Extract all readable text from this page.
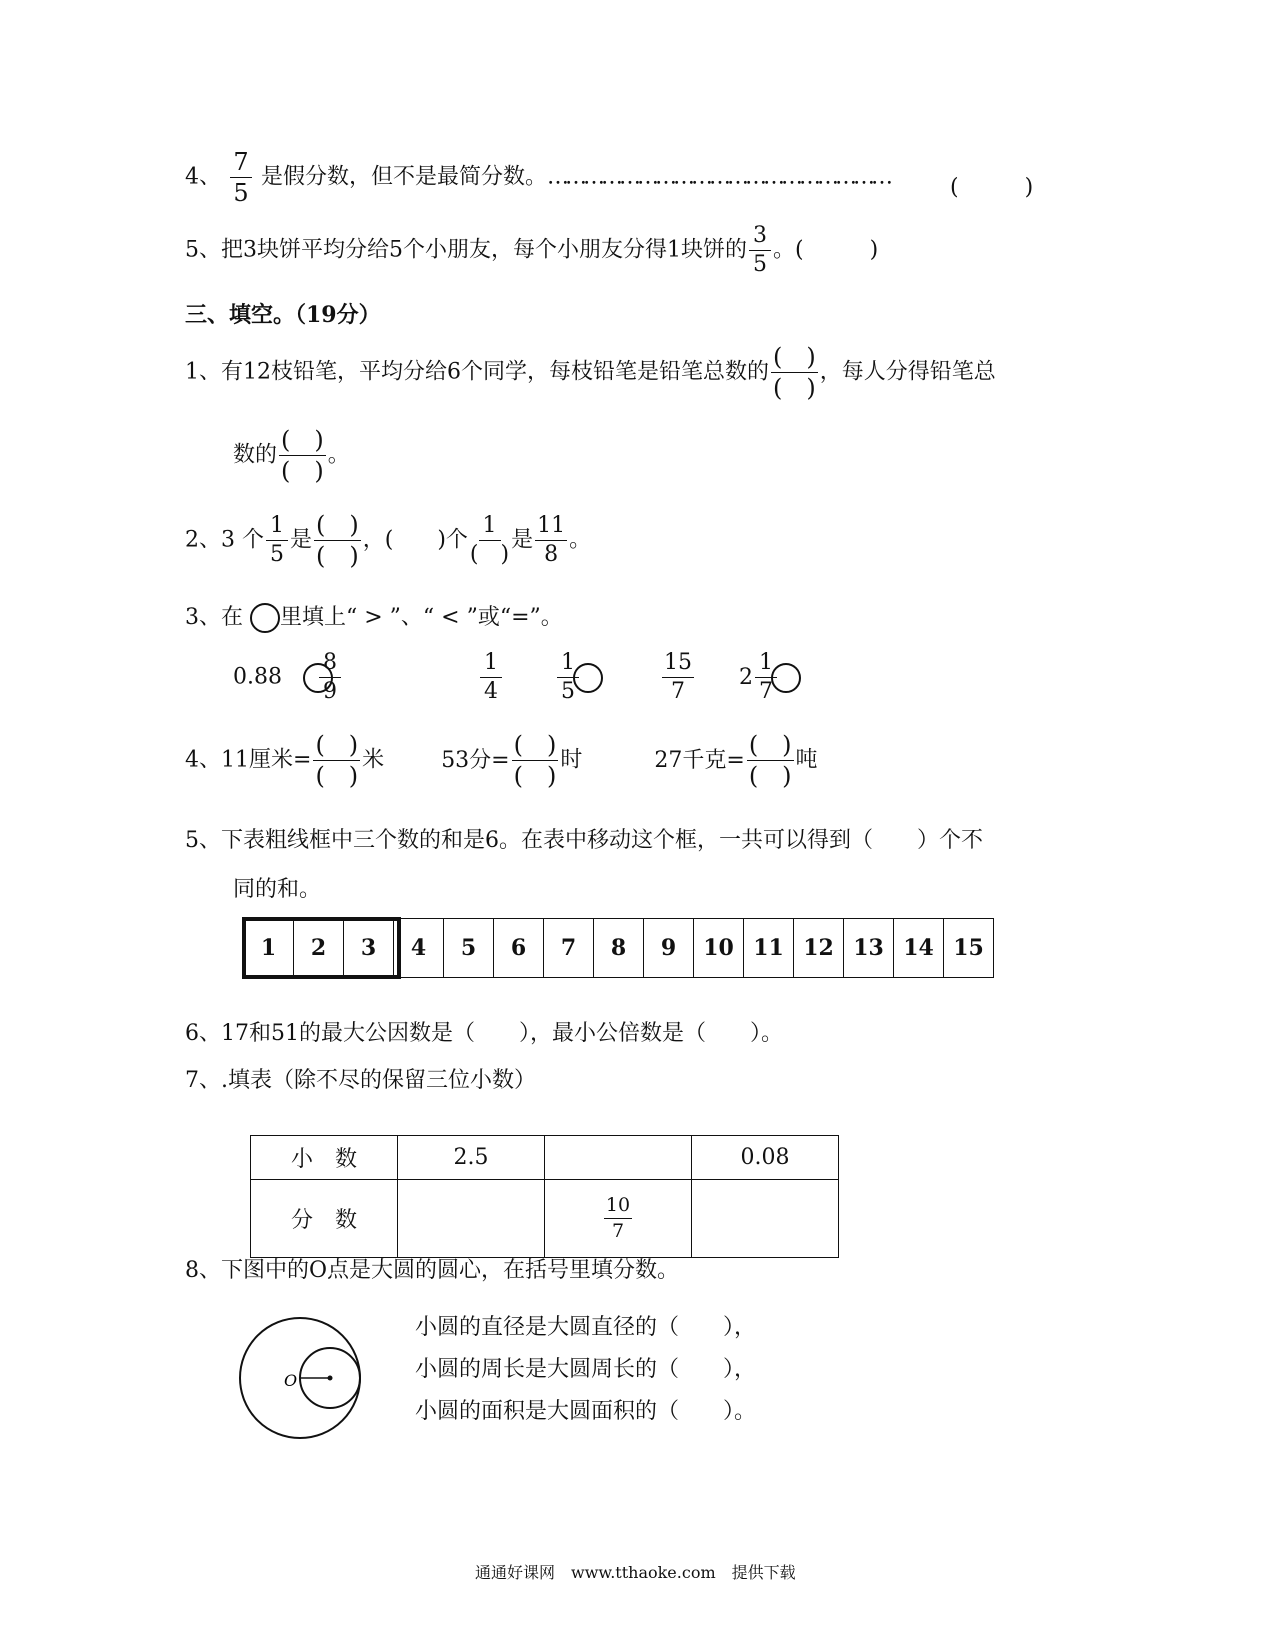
4、 $\frac{7}{5}$ 是假分数，但不是最简分数。…………………………………………………	(　　　)
5、把3块饼平均分给5个小朋友，每个小朋友分得1块饼的 $\frac{3}{5}$ 。(　　　)
三、填空。（19分）
1、有12枝铅笔，平均分给6个同学，每枝铅笔是铅笔总数的 $\frac{( )}{( )}$ ，每人分得铅笔总
数的 $\frac{( )}{( )}$ 。
2、3 个 $\frac{1}{5}$ 是 $\frac{( )}{( )}$ ，(　　)个 $\frac{1}{( )}$ 是 $\frac{11}{8}$ 。
3、在 里填上“ > ”、“ < ”或“=”。
$0.88 \frac{8}{9}$	$\frac{1}{4}$
	$\frac{1}{5}$	$\frac{15}{7} 2 \frac{1}{7}$
4、11厘米= $\frac{( )}{( )}$ 米	53分= $\frac{( )}{( )}$ 时	27千克= $\frac{( )}{( )}$ 吨
5、下表粗线框中三个数的和是6。在表中移动这个框，一共可以得到（　　）个不
同的和。
1	2	3	4	5	6	7	8	9	10	11	12	13	14	15
6、17和51的最大公因数是（　　），最小公倍数是（　　）。
7、.填表（除不尽的保留三位小数）
小　数	2.5		0.08
分　数		$\frac{10}{7}$

8、下图中的O点是大圆的圆心，在括号里填分数。
O
小圆的直径是大圆直径的（　　），
小圆的周长是大圆周长的（　　），
小圆的面积是大圆面积的（　　）。
通通好课网　www.tthaoke.com　提供下载
